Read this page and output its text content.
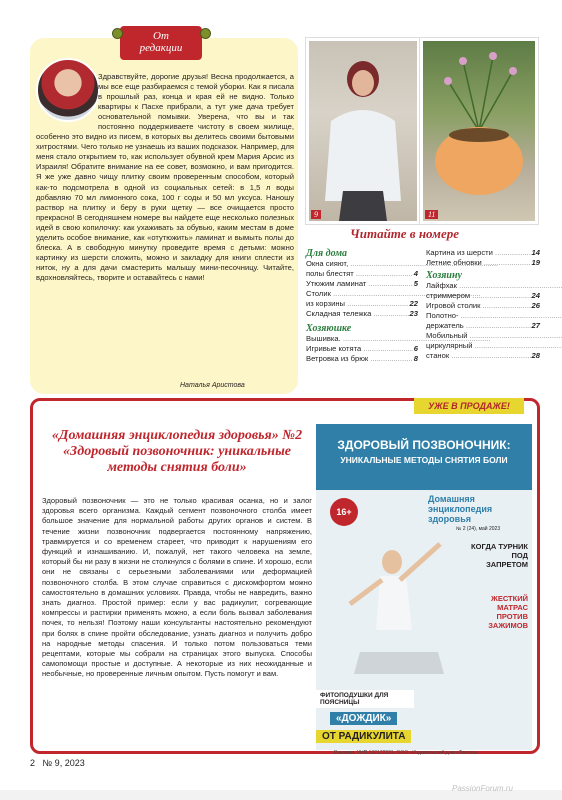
От
редакции
Здравствуйте, дорогие друзья! Весна продолжается, а мы все еще разбираемся с темой уборки. Как я писала в прошлый раз, конца и края ей не видно. Только квартиры к Пасхе прибрали, а тут уже дача требует основательной помывки. Уверена, что вы и так постоянно поддерживаете чистоту в своем жилище, особенно это видно из писем, в которых вы делитесь своими бытовыми хитростями. Чего только не узнаешь из ваших подсказок. Например, для меня стало открытием то, как использует обувной крем Мария Арсис из Израиля! Обратите внимание на ее совет, возможно, и вам пригодится. Я же уже давно чищу плитку своим проверенным способом, который как-то подсмотрела в одной из социальных сетей: в 1,5 л воды добавляю 70 мл лимонного сока, 100 г соды и 50 мл уксуса. Наношу раствор на плитку и беру в руки щетку — все очищается просто прекрасно! В сегодняшнем номере вы найдете еще несколько полезных идей в свою копилочку: как ухаживать за обувью, каким местам в доме уделить особое внимание, как «отутюжить» ламинат и вымыть полы до блеска. А в свободную минутку проведите время с детьми: можно картинку из шерсти сложить, можно и закладку для книги сплести из ниток, ну а для дачи смастерить малышу мини-песочницу. Читайте, вдохновляйтесь, творите и оставайтесь с нами!
Наталья Аристова
9	11
Читайте в номере
Для дома
Окна сияют, .....
полы блестят .....	4
Утюжим ламинат .....	5
Столик .....
из корзины .....	22
Складная тележка .....	23
Хозяюшке
Вышивка. .....
Игривые котята .....	6
Ветровка из брюк .....	8
Картина из шерсти .....	14
Летние обновки .....	19
Хозяину
Лайфхак .....
стриммером .....	24
Игровой столик .....	26
Полотно- .....
держатель .....	27
Мобильный .....
циркулярный .....
станок .....	28
УЖЕ В ПРОДАЖЕ!
«Домашняя энциклопедия здоровья» №2 «Здоровый позвоночник: уникальные методы снятия боли»
Здоровый позвоночник — это не только красивая осанка, но и залог здоровья всего организма. Каждый сегмент позвоночного столба имеет большое значение для нормальной работы других органов и систем. В течение жизни позвоночник подвергается постоянному напряжению, травмируется и со временем стареет, что приводит к нарушениям его функций и изнашиванию. И, пожалуй, нет такого человека на земле, который бы ни разу в жизни не столкнулся с болями в спине. И хорошо, если они не связаны с серьезными заболеваниями или деформацией позвоночного столба. В этом случае справиться с дискомфортом можно самостоятельно в домашних условиях. Правда, чтобы не навредить, важно знать диагноз. Простой пример: если у вас радикулит, согревающие компрессы и растирки применять можно, а если боль вызвал заболевания почек, то нельзя! Поэтому наши консультанты настоятельно рекомендуют при болях в спине пройти обследование, узнать диагноз и получить добро на народные методы спасения. И только потом пользоваться теми рецептами, которые мы собрали на страницах этого выпуска. Способы самопомощи простые и доступные. А некоторые из них неожиданные и необычные, но проверенные личным опытом. Пусть помогут и вам.
ЗДОРОВЫЙ ПОЗВОНОЧНИК:
УНИКАЛЬНЫЕ МЕТОДЫ СНЯТИЯ БОЛИ
16+
Домашняя энциклопедия здоровья
№ 2 (24), май 2023
КОГДА ТУРНИК ПОД ЗАПРЕТОМ
ЖЕСТКИЙ МАТРАС ПРОТИВ ЗАЖИМОВ
ФИТОПОДУШКИ ДЛЯ ПОЯСНИЦЫ
«ДОЖДИК»
ОТ РАДИКУЛИТА
Реклама. УНП 192172221. ООО «Издательский дом «Толока»
2 № 9, 2023
PassionForum.ru
